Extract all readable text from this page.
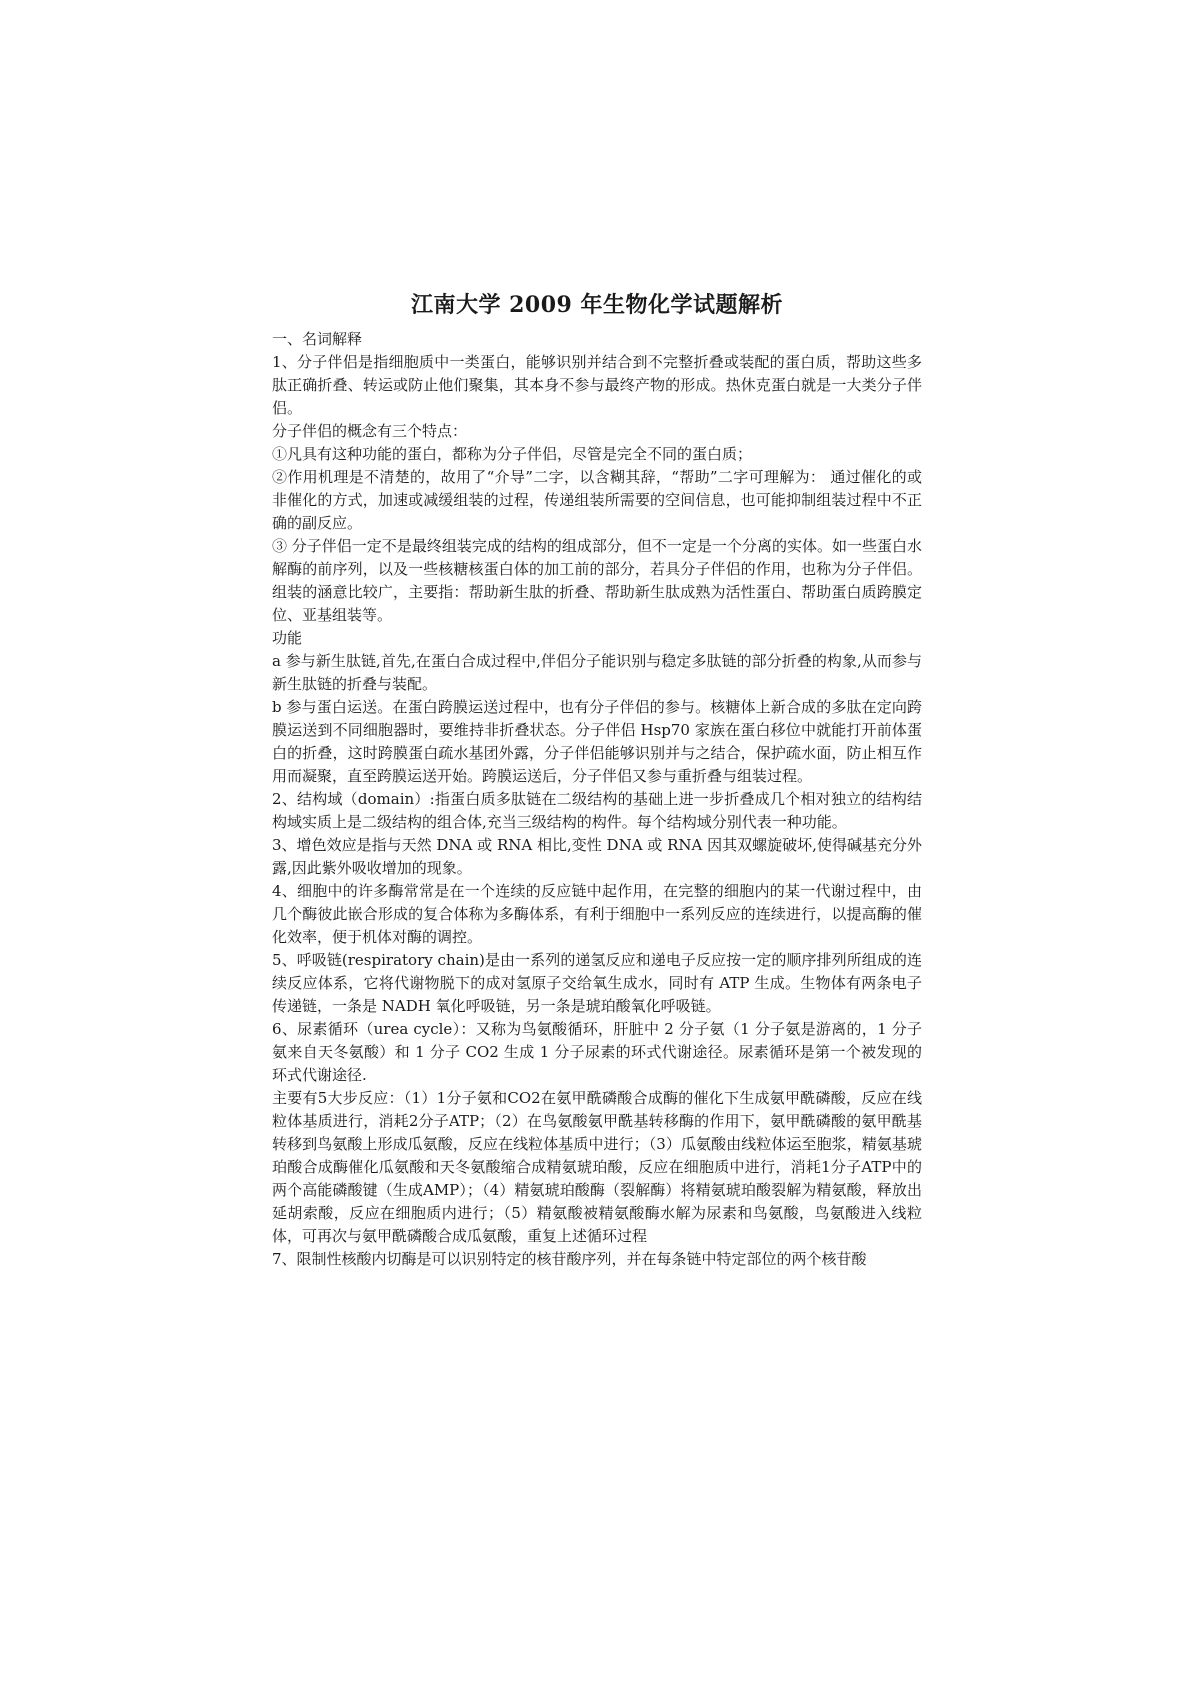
江南大学 2009 年生物化学试题解析

一、名词解释

1、分子伴侣是指细胞质中一类蛋白，能够识别并结合到不完整折叠或装配的蛋白质，帮助这些多肽正确折叠、转运或防止他们聚集，其本身不参与最终产物的形成。热休克蛋白就是一大类分子伴侣。

分子伴侣的概念有三个特点：

①凡具有这种功能的蛋白，都称为分子伴侣，尽管是完全不同的蛋白质；

②作用机理是不清楚的，故用了“介导”二字，以含糊其辞，“帮助”二字可理解为： 通过催化的或非催化的方式，加速或减缓组装的过程，传递组装所需要的空间信息，也可能抑制组装过程中不正确的副反应。

③ 分子伴侣一定不是最终组装完成的结构的组成部分，但不一定是一个分离的实体。如一些蛋白水解酶的前序列，以及一些核糖核蛋白体的加工前的部分，若具分子伴侣的作用，也称为分子伴侣。组装的涵意比较广，主要指：帮助新生肽的折叠、帮助新生肽成熟为活性蛋白、帮助蛋白质跨膜定位、亚基组装等。

功能

a 参与新生肽链,首先,在蛋白合成过程中,伴侣分子能识别与稳定多肽链的部分折叠的构象,从而参与新生肽链的折叠与装配。

b 参与蛋白运送。在蛋白跨膜运送过程中，也有分子伴侣的参与。核糖体上新合成的多肽在定向跨膜运送到不同细胞器时，要维持非折叠状态。分子伴侣 Hsp70 家族在蛋白移位中就能打开前体蛋白的折叠，这时跨膜蛋白疏水基团外露，分子伴侣能够识别并与之结合，保护疏水面，防止相互作用而凝聚，直至跨膜运送开始。跨膜运送后，分子伴侣又参与重折叠与组装过程。

2、结构域（domain）:指蛋白质多肽链在二级结构的基础上进一步折叠成几个相对独立的结构结构域实质上是二级结构的组合体,充当三级结构的构件。每个结构域分别代表一种功能。

3、增色效应是指与天然 DNA 或 RNA 相比,变性 DNA 或 RNA 因其双螺旋破坏,使得碱基充分外露,因此紫外吸收增加的现象。

4、细胞中的许多酶常常是在一个连续的反应链中起作用，在完整的细胞内的某一代谢过程中，由几个酶彼此嵌合形成的复合体称为多酶体系，有利于细胞中一系列反应的连续进行，以提高酶的催化效率，便于机体对酶的调控。

5、呼吸链(respiratory chain)是由一系列的递氢反应和递电子反应按一定的顺序排列所组成的连续反应体系，它将代谢物脱下的成对氢原子交给氧生成水，同时有 ATP 生成。生物体有两条电子传递链，一条是 NADH 氧化呼吸链，另一条是琥珀酸氧化呼吸链。

6、尿素循环（urea cycle）：又称为鸟氨酸循环，肝脏中 2 分子氨（1 分子氨是游离的，1 分子氨来自天冬氨酸）和 1 分子 CO2 生成 1 分子尿素的环式代谢途径。尿素循环是第一个被发现的环式代谢途径.

主要有5大步反应：（1）1分子氨和CO2在氨甲酰磷酸合成酶的催化下生成氨甲酰磷酸，反应在线粒体基质进行，消耗2分子ATP；（2）在鸟氨酸氨甲酰基转移酶的作用下，氨甲酰磷酸的氨甲酰基转移到鸟氨酸上形成瓜氨酸，反应在线粒体基质中进行；（3）瓜氨酸由线粒体运至胞浆，精氨基琥珀酸合成酶催化瓜氨酸和天冬氨酸缩合成精氨琥珀酸，反应在细胞质中进行，消耗1分子ATP中的两个高能磷酸键（生成AMP）；（4）精氨琥珀酸酶（裂解酶）将精氨琥珀酸裂解为精氨酸，释放出延胡索酸，反应在细胞质内进行；（5）精氨酸被精氨酸酶水解为尿素和鸟氨酸，鸟氨酸进入线粒体，可再次与氨甲酰磷酸合成瓜氨酸，重复上述循环过程

7、限制性核酸内切酶是可以识别特定的核苷酸序列，并在每条链中特定部位的两个核苷酸
